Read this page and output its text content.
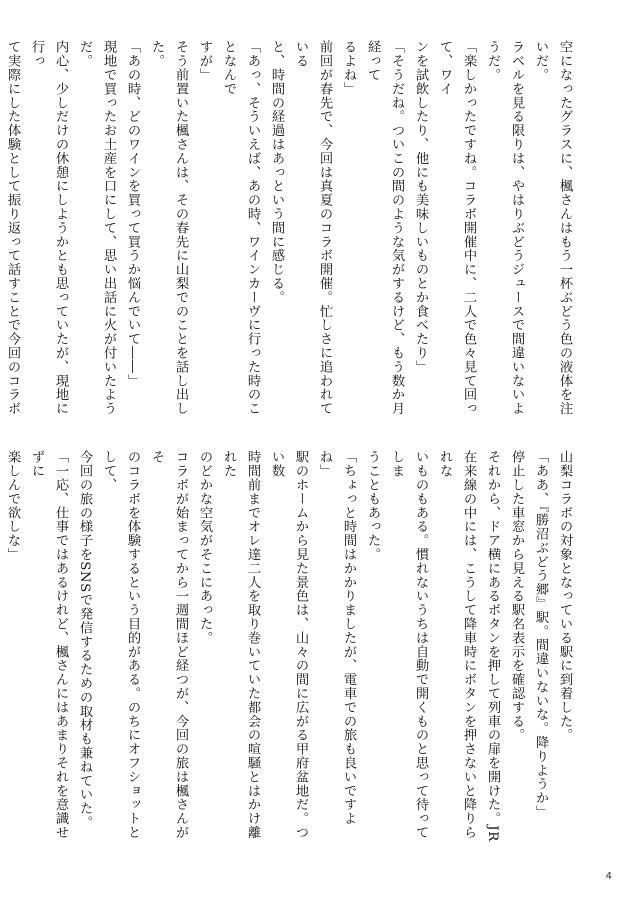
空になったグラスに、楓さんはもう一杯ぶどう色の液体を注いだ。

ラベルを見る限りは、やはりぶどうジュースで間違いないようだ。

「楽しかったですね。コラボ開催中に、二人で色々見て回って、ワイ

ンを試飲したり、他にも美味しいものとか食べたり」

「そうだね。ついこの間のような気がするけど、もう数か月経って

るよね」

前回が春先で、今回は真夏のコラボ開催。忙しさに追われている

と、時間の経過はあっという間に感じる。

「あっ、そういえば、あの時、ワインカーヴに行った時のことなんで

すが」

そう前置いた楓さんは、その春先に山梨でのことを話し出した。

「あの時、どのワインを買って買うか悩んでいて――」

現地で買ったお土産を口にして、思い出話に火が付いたようだ。

内心、少しだけの休憩にしようかとも思っていたが、現地に行っ

て実際にした体験として振り返って話すことで今回のコラボ

山梨コラボの対象となっている駅に到着した。

「ああ、『勝沼ぶどう郷』駅。間違いないな。降りようか」

停止した車窓から見える駅名表示を確認する。

それから、ドア横にあるボタンを押して列車の扉を開けた。JR

在来線の中には、こうして降車時にボタンを押さないと降りられな

いものもある。慣れないうちは自動で開くものと思って待ってしま

うこともあった。

「ちょっと時間はかかりましたが、電車での旅も良いですよね」

駅のホームから見た景色は、山々の間に広がる甲府盆地だ。つい数

時間前までオレ達二人を取り巻いていた都会の喧騒とはかけ離れた

のどかな空気がそこにあった。

コラボが始まってから一週間ほど経つが、今回の旅は楓さんがそ

のコラボを体験するという目的がある。のちにオフショットとして、

今回の旅の様子をSNSで発信するための取材も兼ねていた。

「一応、仕事ではあるけれど、楓さんにはあまりそれを意識せずに

楽しんで欲しな」

4
